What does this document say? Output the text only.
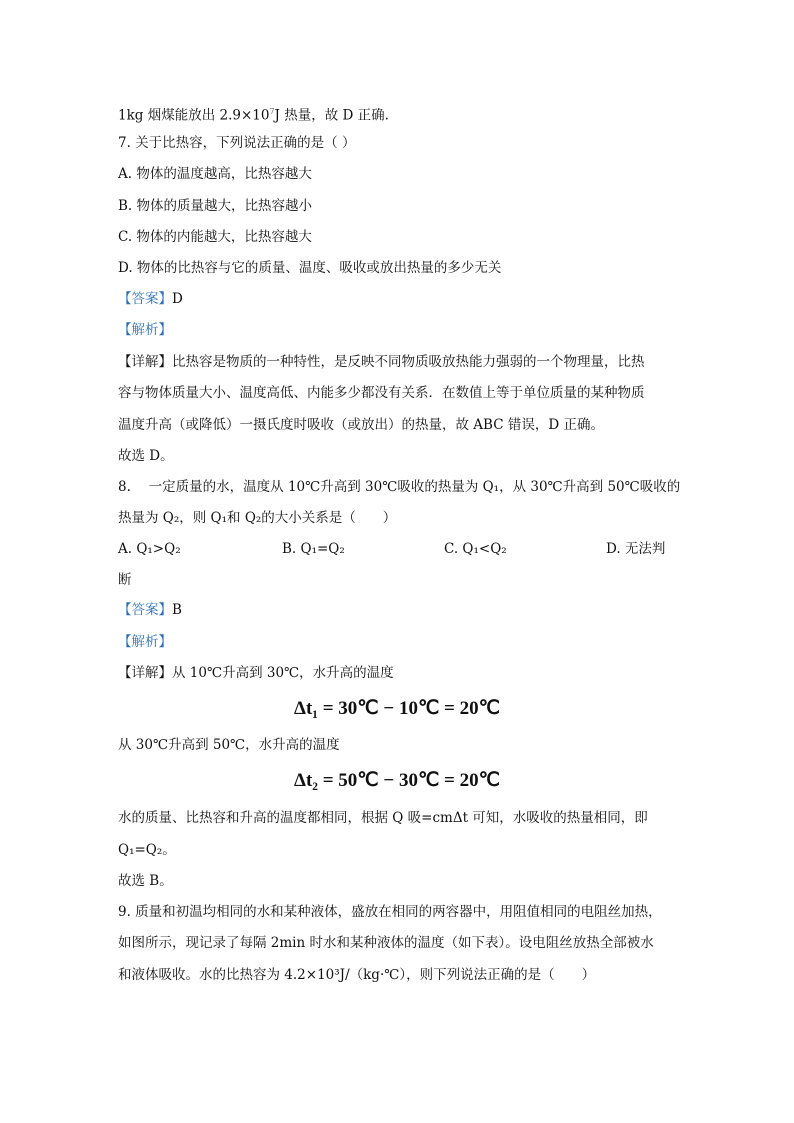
1kg 烟煤能放出 $2.9\times 10^7J$ 热量，故 D 正确.
7. 关于比热容，下列说法正确的是（ ）
A. 物体的温度越高，比热容越大
B. 物体的质量越大，比热容越小
C. 物体的内能越大，比热容越大
D. 物体的比热容与它的质量、温度、吸收或放出热量的多少无关
【答案】D
【解析】
【详解】比热容是物质的一种特性，是反映不同物质吸放热能力强弱的一个物理量，比热
容与物体质量大小、温度高低、内能多少都没有关系．在数值上等于单位质量的某种物质
温度升高（或降低）一摄氏度时吸收（或放出）的热量，故 ABC 错误，D 正确。
故选 D。
8.　 一定质量的水，温度从 10℃升高到 30℃吸收的热量为 Q₁，从 30℃升高到 50℃吸收的
热量为 Q₂，则 Q₁和 Q₂的大小关系是（　　）
A. Q₁>Q₂	B. Q₁=Q₂	C. Q₁<Q₂	D. 无法判
断
【答案】B
【解析】
【详解】从 10℃升高到 30℃，水升高的温度
Δt₁ = 30℃ − 10℃ = 20℃
从 30℃升高到 50℃，水升高的温度
Δt₂ = 50℃ − 30℃ = 20℃
水的质量、比热容和升高的温度都相同，根据 Q 吸=cmΔt 可知，水吸收的热量相同，即
Q₁=Q₂。
故选 B。
9. 质量和初温均相同的水和某种液体，盛放在相同的两容器中，用阻值相同的电阻丝加热，
如图所示，现记录了每隔 2min 时水和某种液体的温度（如下表）。设电阻丝放热全部被水
和液体吸收。水的比热容为 4.2×10³J/（kg·℃），则下列说法正确的是（　　）
